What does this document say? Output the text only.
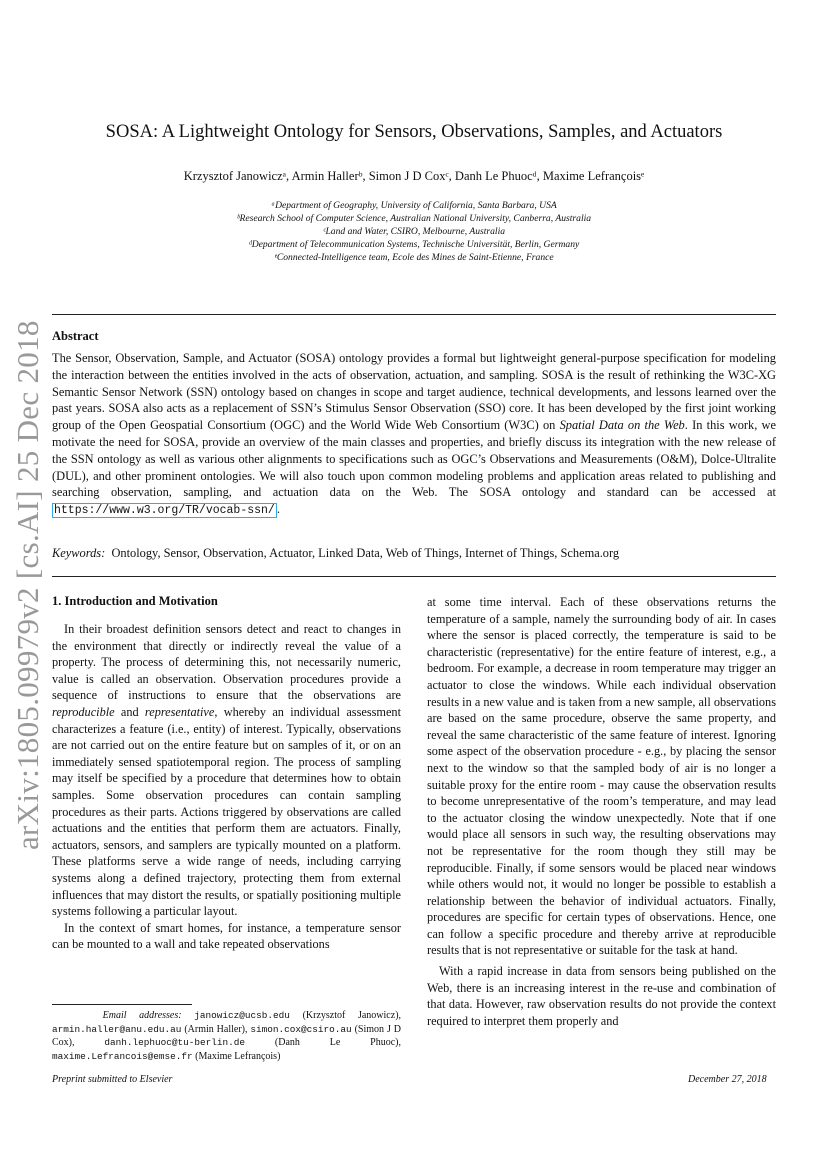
arXiv:1805.09979v2 [cs.AI] 25 Dec 2018
SOSA: A Lightweight Ontology for Sensors, Observations, Samples, and Actuators
Krzysztof Janowiczᵃ, Armin Hallerᵇ, Simon J D Coxᶜ, Danh Le Phuocᵈ, Maxime Lefrançoisᵉ
ᵃDepartment of Geography, University of California, Santa Barbara, USA
ᵇResearch School of Computer Science, Australian National University, Canberra, Australia
ᶜLand and Water, CSIRO, Melbourne, Australia
ᵈDepartment of Telecommunication Systems, Technische Universität, Berlin, Germany
ᵉConnected-Intelligence team, Ecole des Mines de Saint-Etienne, France
Abstract
The Sensor, Observation, Sample, and Actuator (SOSA) ontology provides a formal but lightweight general-purpose specification for modeling the interaction between the entities involved in the acts of observation, actuation, and sampling. SOSA is the result of rethinking the W3C-XG Semantic Sensor Network (SSN) ontology based on changes in scope and target audience, technical developments, and lessons learned over the past years. SOSA also acts as a replacement of SSN’s Stimulus Sensor Observation (SSO) core. It has been developed by the first joint working group of the Open Geospatial Consortium (OGC) and the World Wide Web Consortium (W3C) on Spatial Data on the Web. In this work, we motivate the need for SOSA, provide an overview of the main classes and properties, and briefly discuss its integration with the new release of the SSN ontology as well as various other alignments to specifications such as OGC’s Observations and Measurements (O&M), Dolce-Ultralite (DUL), and other prominent ontologies. We will also touch upon common modeling problems and application areas related to publishing and searching observation, sampling, and actuation data on the Web. The SOSA ontology and standard can be accessed at https://www.w3.org/TR/vocab-ssn/ .
Keywords: Ontology, Sensor, Observation, Actuator, Linked Data, Web of Things, Internet of Things, Schema.org
1. Introduction and Motivation

In their broadest definition sensors detect and react to changes in the environment that directly or indirectly reveal the value of a property. The process of determining this, not necessarily numeric, value is called an observation. Observation procedures provide a sequence of instructions to ensure that the observations are reproducible and representative, whereby an individual assessment characterizes a feature (i.e., entity) of interest. Typically, observations are not carried out on the entire feature but on samples of it, or on an immediately sensed spatiotemporal region. The process of sampling may itself be specified by a procedure that determines how to obtain samples. Some observation procedures can contain sampling procedures as their parts. Actions triggered by observations are called actuations and the entities that perform them are actuators. Finally, actuators, sensors, and samplers are typically mounted on a platform. These platforms serve a wide range of needs, including carrying systems along a defined trajectory, protecting them from external influences that may distort the results, or spatially positioning multiple systems following a particular layout.

In the context of smart homes, for instance, a temperature sensor can be mounted to a wall and take repeated observations

at some time interval. Each of these observations returns the temperature of a sample, namely the surrounding body of air. In cases where the sensor is placed correctly, the temperature is said to be characteristic (representative) for the entire feature of interest, e.g., a bedroom. For example, a decrease in room temperature may trigger an actuator to close the windows. While each individual observation results in a new value and is taken from a new sample, all observations are based on the same procedure, observe the same property, and reveal the same characteristic of the same feature of interest. Ignoring some aspect of the observation procedure - e.g., by placing the sensor next to the window so that the sampled body of air is no longer a suitable proxy for the entire room - may cause the observation results to become unrepresentative of the room’s temperature, and may lead to the actuator closing the window unexpectedly. Note that if one would place all sensors in such way, the resulting observations may not be representative for the room though they still may be reproducible. Finally, if some sensors would be placed near windows while others would not, it would no longer be possible to establish a relationship between the behavior of individual actuators. Finally, procedures are specific for certain types of observations. Hence, one can follow a specific procedure and thereby arrive at reproducible results that is not representative or suitable for the task at hand.

With a rapid increase in data from sensors being published on the Web, there is an increasing interest in the re-use and combination of that data. However, raw observation results do not provide the context required to interpret them properly and

Email addresses: janowicz@ucsb.edu (Krzysztof Janowicz), armin.haller@anu.edu.au (Armin Haller), simon.cox@csiro.au (Simon J D Cox), danh.lephuoc@tu-berlin.de (Danh Le Phuoc), maxime.Lefrancois@emse.fr (Maxime Lefrançois)
Preprint submitted to Elsevier	December 27, 2018
